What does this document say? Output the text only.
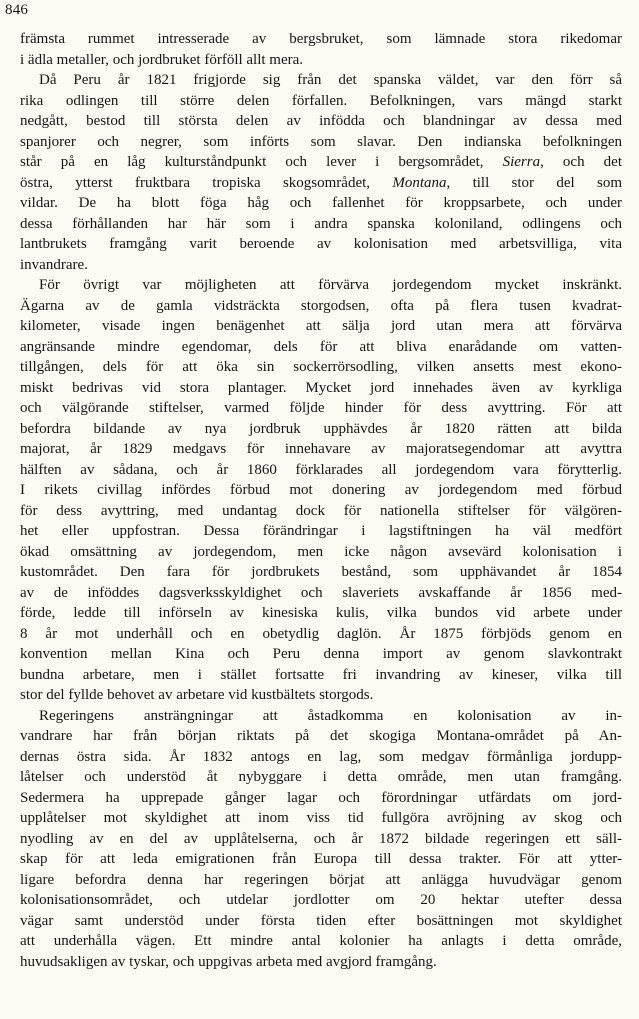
846
främsta rummet intresserade av bergsbruket, som lämnade stora rikedomar
i ädla metaller, och jordbruket förföll allt mera.
Då Peru år 1821 frigjorde sig från det spanska väldet, var den förr så
rika odlingen till större delen förfallen. Befolkningen, vars mängd starkt
nedgått, bestod till största delen av infödda och blandningar av dessa med
spanjorer och negrer, som införts som slavar. Den indianska befolkningen
står på en låg kulturståndpunkt och lever i bergsområdet, Sierra, och det
östra, ytterst fruktbara tropiska skogsområdet, Montana, till stor del som
vildar. De ha blott föga håg och fallenhet för kroppsarbete, och under
dessa förhållanden har här som i andra spanska koloniland, odlingens och
lantbrukets framgång varit beroende av kolonisation med arbetsvilliga, vita
invandrare.
För övrigt var möjligheten att förvärva jordegendom mycket inskränkt.
Ägarna av de gamla vidsträckta storgodsen, ofta på flera tusen kvadrat-
kilometer, visade ingen benägenhet att sälja jord utan mera att förvärva
angränsande mindre egendomar, dels för att bliva enarådande om vatten-
tillgången, dels för att öka sin sockerrörsodling, vilken ansetts mest ekono-
miskt bedrivas vid stora plantager. Mycket jord innehades även av kyrkliga
och välgörande stiftelser, varmed följde hinder för dess avyttring. För att
befordra bildande av nya jordbruk upphävdes år 1820 rätten att bilda
majorat, år 1829 medgavs för innehavare av majoratsegendomar att avyttra
hälften av sådana, och år 1860 förklarades all jordegendom vara förytterlig.
I rikets civillag infördes förbud mot donering av jordegendom med förbud
för dess avyttring, med undantag dock för nationella stiftelser för välgören-
het eller uppfostran. Dessa förändringar i lagstiftningen ha väl medfört
ökad omsättning av jordegendom, men icke någon avsevärd kolonisation i
kustområdet. Den fara för jordbrukets bestånd, som upphävandet år 1854
av de inföddes dagsverksskyldighet och slaveriets avskaffande år 1856 med-
förde, ledde till införseln av kinesiska kulis, vilka bundos vid arbete under
8 år mot underhåll och en obetydlig daglön. År 1875 förbjöds genom en
konvention mellan Kina och Peru denna import av genom slavkontrakt
bundna arbetare, men i stället fortsatte fri invandring av kineser, vilka till
stor del fyllde behovet av arbetare vid kustbältets storgods.
Regeringens ansträngningar att åstadkomma en kolonisation av in-
vandrare har från början riktats på det skogiga Montana-området på An-
dernas östra sida. År 1832 antogs en lag, som medgav förmånliga jordupp-
låtelser och understöd åt nybyggare i detta område, men utan framgång.
Sedermera ha upprepade gånger lagar och förordningar utfärdats om jord-
upplåtelser mot skyldighet att inom viss tid fullgöra avröjning av skog och
nyodling av en del av upplåtelserna, och år 1872 bildade regeringen ett säll-
skap för att leda emigrationen från Europa till dessa trakter. För att ytter-
ligare befordra denna har regeringen börjat att anlägga huvudvägar genom
kolonisationsområdet, och utdelar jordlotter om 20 hektar utefter dessa
vägar samt understöd under första tiden efter bosättningen mot skyldighet
att underhålla vägen. Ett mindre antal kolonier ha anlagts i detta område,
huvudsakligen av tyskar, och uppgivas arbeta med avgjord framgång.
